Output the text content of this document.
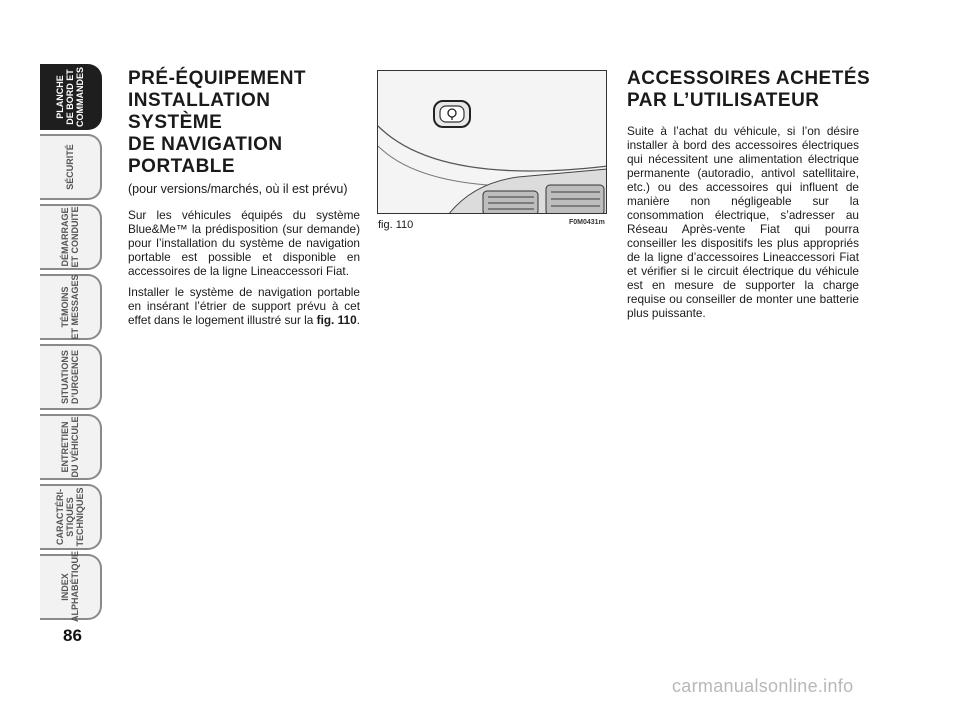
PLANCHE
DE BORD ET
COMMANDES
SÉCURITÉ
DÉMARRAGE
ET CONDUITE
TÉMOINS
ET MESSAGES
SITUATIONS
D’URGENCE
ENTRETIEN
DU VÉHICULE
CARACTÉRI-
STIQUES
TECHNIQUES
INDEX
ALPHABÉTIQUE
86
PRÉ-ÉQUIPEMENT
INSTALLATION
SYSTÈME
DE NAVIGATION
PORTABLE

(pour versions/marchés, où il est prévu)

Sur les véhicules équipés du système Blue&Me™ la prédisposition (sur demande) pour l’installation du système de navigation portable est possible et disponible en accessoires de la ligne Lineaccessori Fiat.

Installer le système de navigation portable en insérant l’étrier de support prévu à cet effet dans le logement illustré sur la fig. 110.

fig. 110	F0M0431m
ACCESSOIRES ACHETÉS
PAR L’UTILISATEUR

Suite à l’achat du véhicule, si l’on désire installer à bord des accessoires électriques qui nécessitent une alimentation électrique permanente (autoradio, antivol satellitaire, etc.) ou des accessoires qui influent de manière non négligeable sur la consommation électrique, s’adresser au Réseau Après-vente Fiat qui pourra conseiller les dispositifs les plus appropriés de la ligne d’accessoires Lineaccessori Fiat et vérifier si le circuit électrique du véhicule est en mesure de supporter la charge requise ou conseiller de monter une batterie plus puissante.

carmanualsonline.info
